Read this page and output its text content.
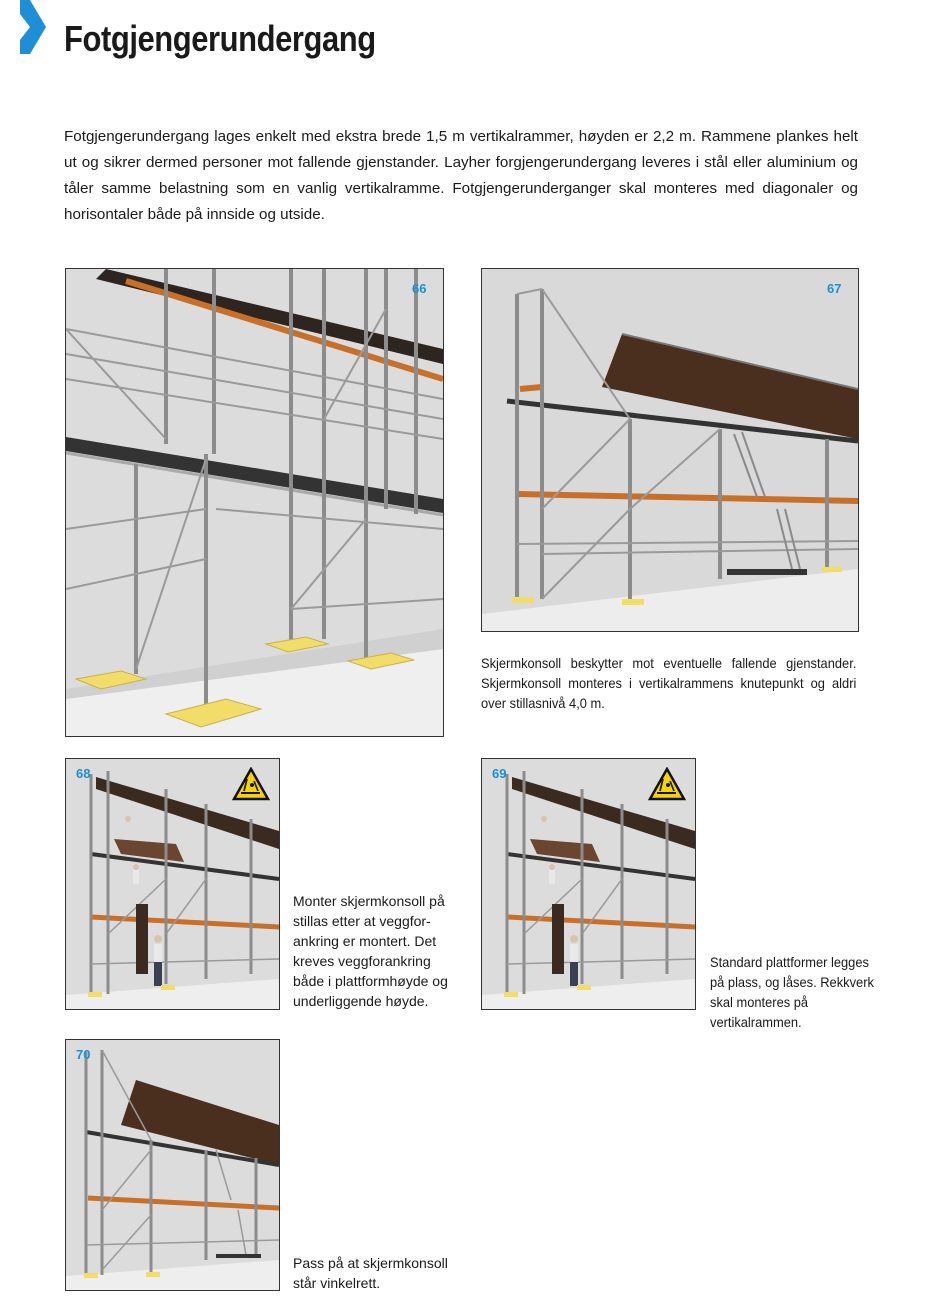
Fotgjengerundergang

Fotgjengerundergang lages enkelt med ekstra brede 1,5 m vertikalrammer, høyden er 2,2 m. Rammene plankes helt ut og sikrer dermed personer mot fallende gjenstander. Layher forgjengerundergang leveres i stål eller aluminium og tåler samme belastning som en vanlig vertikalramme. Fotgjengerunderganger skal monteres med diagonaler og horisontaler både på innside og utside.

66	67

Skjermkonsoll beskytter mot eventuelle fallende gjenstander. Skjermkonsoll monteres i vertikalrammens knutepunkt og aldri over stillasnivå 4,0 m.

68

Monter skjermkonsoll på stillas etter at veggfor-ankring er montert. Det kreves veggforankring både i plattformhøyde og underliggende høyde.

69

Standard plattformer legges på plass, og låses. Rekkverk skal monteres på vertikalrammen.

70

Pass på at skjermkonsoll står vinkelrett.
